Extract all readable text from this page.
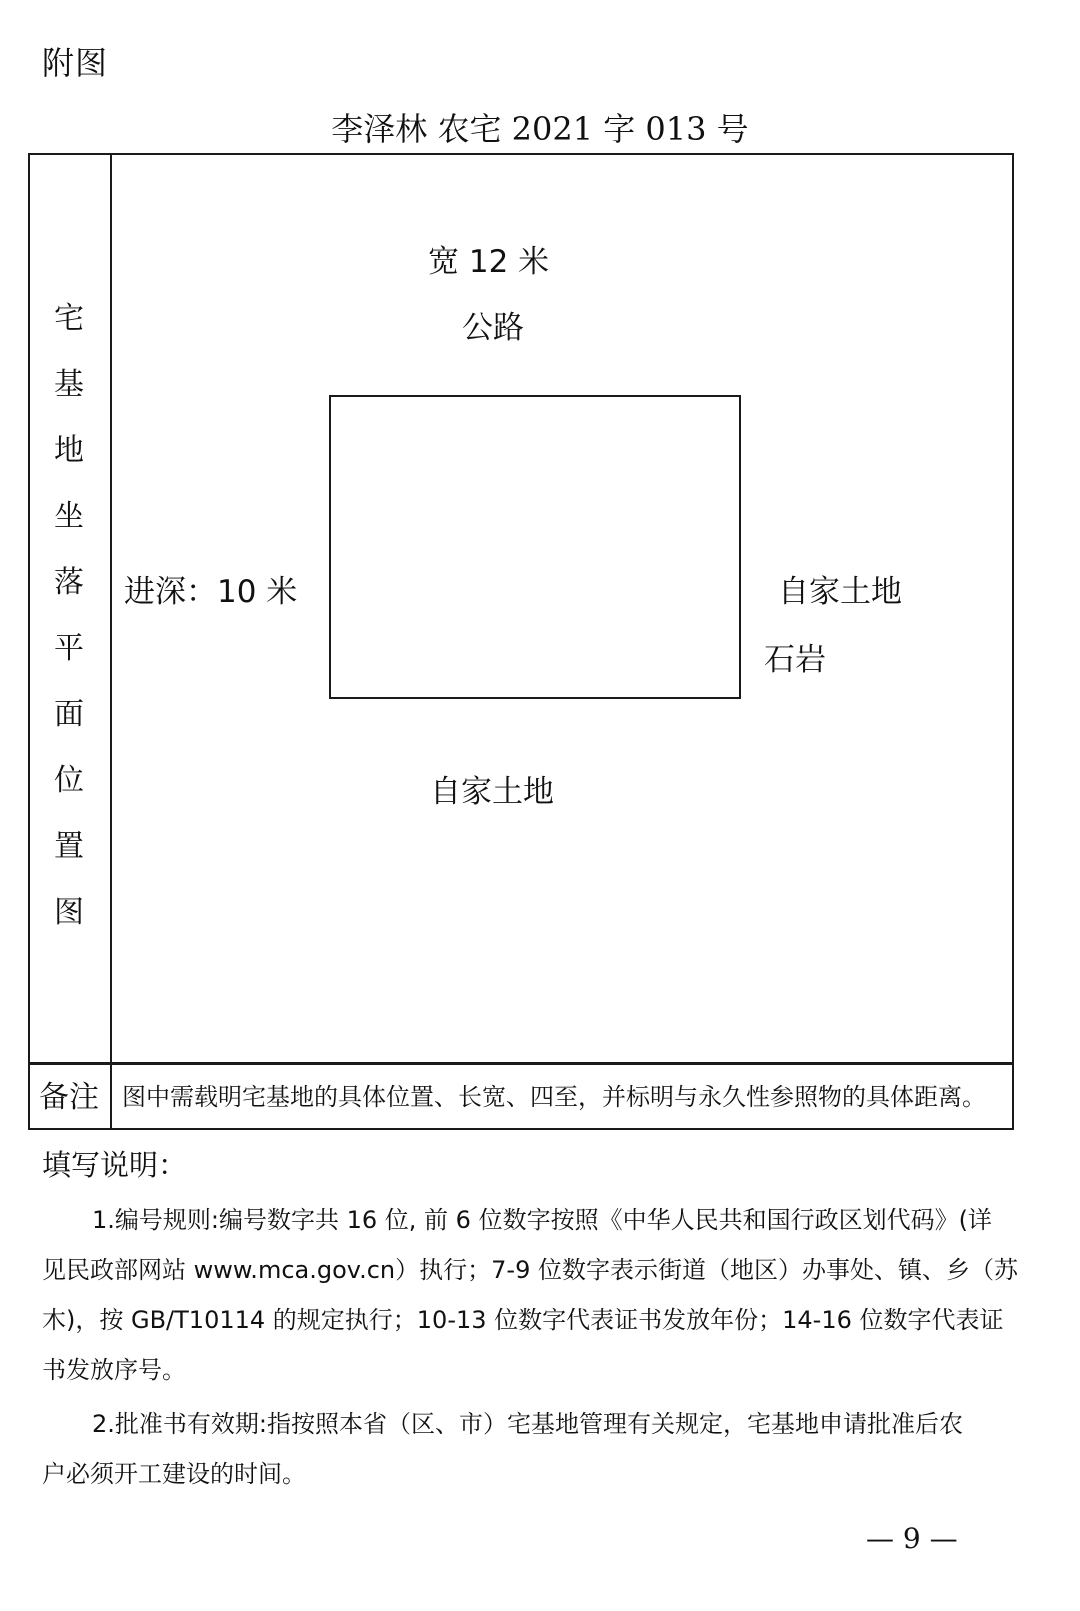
附图
李泽林 农宅 2021 字 013 号
宅
基
地
坐
落
平
面
位
置
图
宽 12 米
公路
进深：10 米	自家土地
石岩
自家土地
备注 图中需载明宅基地的具体位置、长宽、四至，并标明与永久性参照物的具体距离。
填写说明：
1.编号规则:编号数字共 16 位, 前 6 位数字按照《中华人民共和国行政区划代码》(详
见民政部网站 www.mca.gov.cn）执行；7-9 位数字表示街道（地区）办事处、镇、乡（苏
木)，按 GB/T10114 的规定执行；10-13 位数字代表证书发放年份；14-16 位数字代表证
书发放序号。
2.批准书有效期:指按照本省（区、市）宅基地管理有关规定，宅基地申请批准后农
户必须开工建设的时间。
— 9 —
